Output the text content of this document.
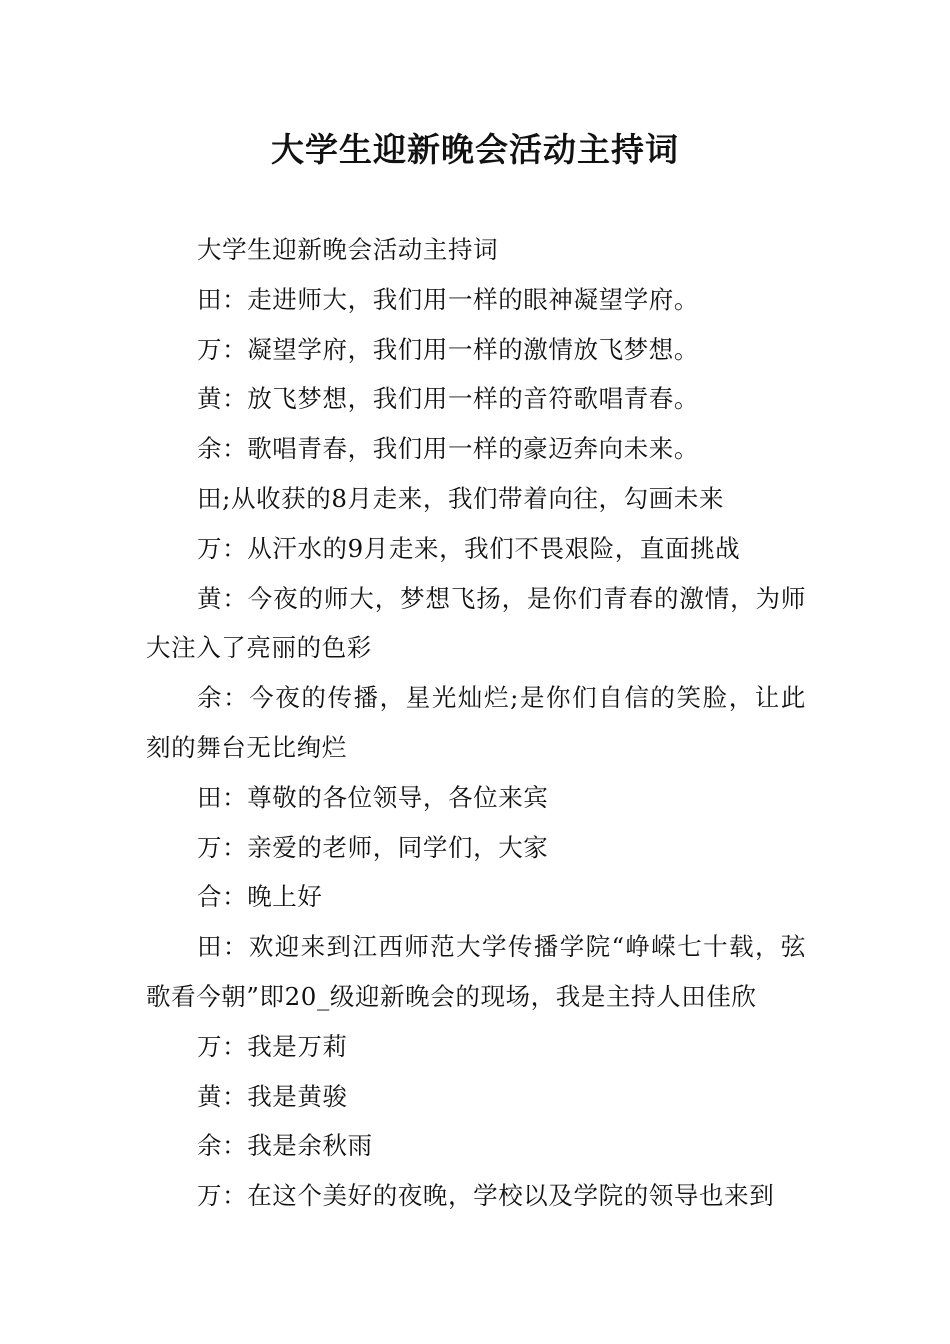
大学生迎新晚会活动主持词

大学生迎新晚会活动主持词

田：走进师大，我们用一样的眼神凝望学府。

万：凝望学府，我们用一样的激情放飞梦想。

黄：放飞梦想，我们用一样的音符歌唱青春。

余：歌唱青春，我们用一样的豪迈奔向未来。

田;从收获的8月走来，我们带着向往，勾画未来

万：从汗水的9月走来，我们不畏艰险，直面挑战

黄：今夜的师大，梦想飞扬，是你们青春的激情，为师大注入了亮丽的色彩

余：今夜的传播，星光灿烂;是你们自信的笑脸，让此刻的舞台无比绚烂

田：尊敬的各位领导，各位来宾

万：亲爱的老师，同学们，大家

合：晚上好

田：欢迎来到江西师范大学传播学院“峥嵘七十载，弦歌看今朝”即20_级迎新晚会的现场，我是主持人田佳欣

万：我是万莉

黄：我是黄骏

余：我是余秋雨

万：在这个美好的夜晚，学校以及学院的领导也来到
